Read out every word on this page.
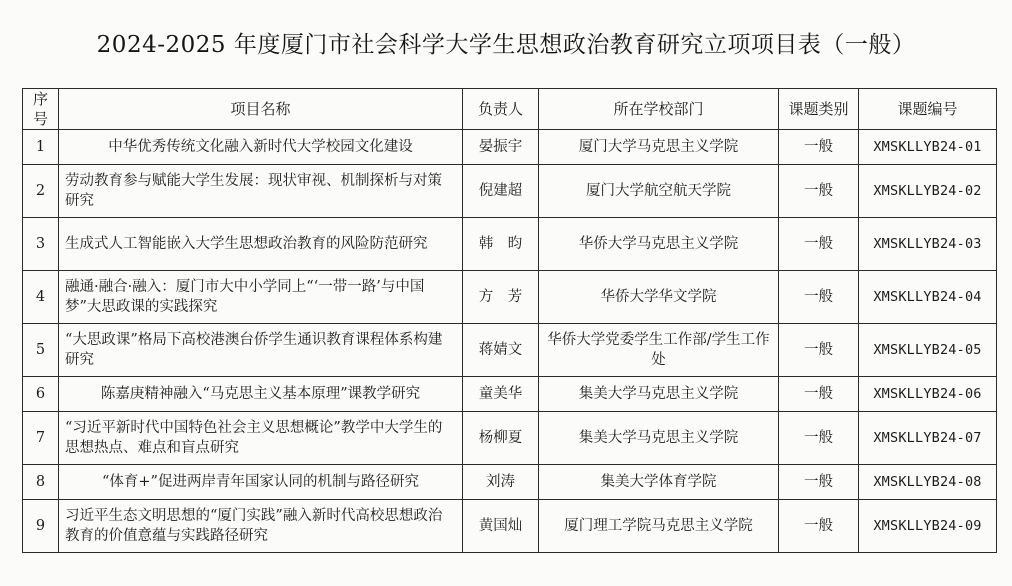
2024-2025 年度厦门市社会科学大学生思想政治教育研究立项项目表（一般）
序号	项目名称	负责人	所在学校部门	课题类别	课题编号
1	中华优秀传统文化融入新时代大学校园文化建设	晏振宇	厦门大学马克思主义学院	一般	XMSKLLYB24-01
2	劳动教育参与赋能大学生发展：现状审视、机制探析与对策研究	倪建超	厦门大学航空航天学院	一般	XMSKLLYB24-02
3	生成式人工智能嵌入大学生思想政治教育的风险防范研究	韩　昀	华侨大学马克思主义学院	一般	XMSKLLYB24-03
4	融通·融合·融入：厦门市大中小学同上“‘一带一路’与中国梦”大思政课的实践探究	方　芳	华侨大学华文学院	一般	XMSKLLYB24-04
5	“大思政课”格局下高校港澳台侨学生通识教育课程体系构建研究	蒋婧文	华侨大学党委学生工作部/学生工作处	一般	XMSKLLYB24-05
6	陈嘉庚精神融入“马克思主义基本原理”课教学研究	童美华	集美大学马克思主义学院	一般	XMSKLLYB24-06
7	“习近平新时代中国特色社会主义思想概论”教学中大学生的思想热点、难点和盲点研究	杨柳夏	集美大学马克思主义学院	一般	XMSKLLYB24-07
8	“体育+”促进两岸青年国家认同的机制与路径研究	刘涛	集美大学体育学院	一般	XMSKLLYB24-08
9	习近平生态文明思想的“厦门实践”融入新时代高校思想政治教育的价值意蕴与实践路径研究	黄国灿	厦门理工学院马克思主义学院	一般	XMSKLLYB24-09
